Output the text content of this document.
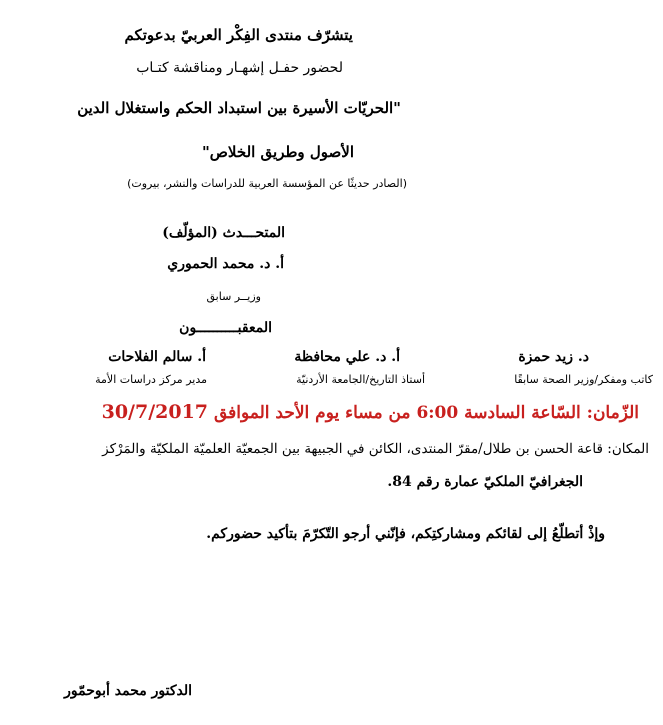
يتشرّف منتدى الفِكْر العربيّ بدعوتكم
لحضور حفـل إشهـار ومناقشة كتـاب
"الحريّات الأسيرة بين استبداد الحكم واستغلال الدين
الأصول وطريق الخلاص"
(الصادر حديثًا عن المؤسسة العربية للدراسات والنشر، بيروت)
المتحـــدث (المؤلّف)
أ. د. محمد الحموري
وزيــر سابق
المعقبــــــــــون
د. زيد حمزة
كاتب ومفكر/وزير الصحة سابقًا
أ. د. علي محافظة
أستاذ التاريخ/الجامعة الأردنيّة
أ. سالم الفلاحات
مدير مركز دراسات الأمة
الزّمان: السّاعة السادسة 6:00 من مساء يوم الأحد الموافق 30/7/2017
المكان: قاعة الحسن بن طلال/مقرّ المنتدى، الكائن في الجبيهة بين الجمعيّة العلميّة الملكيّة والمَرْكز
الجغرافيّ الملكيّ عمارة رقم 84.
وإذْ أتطلّعُ إلى لقائكم ومشاركتِكم، فإنّني أرجو التّكرّمَ بتأكيد حضوركم.
الدكتور محمد أبوحمّور
